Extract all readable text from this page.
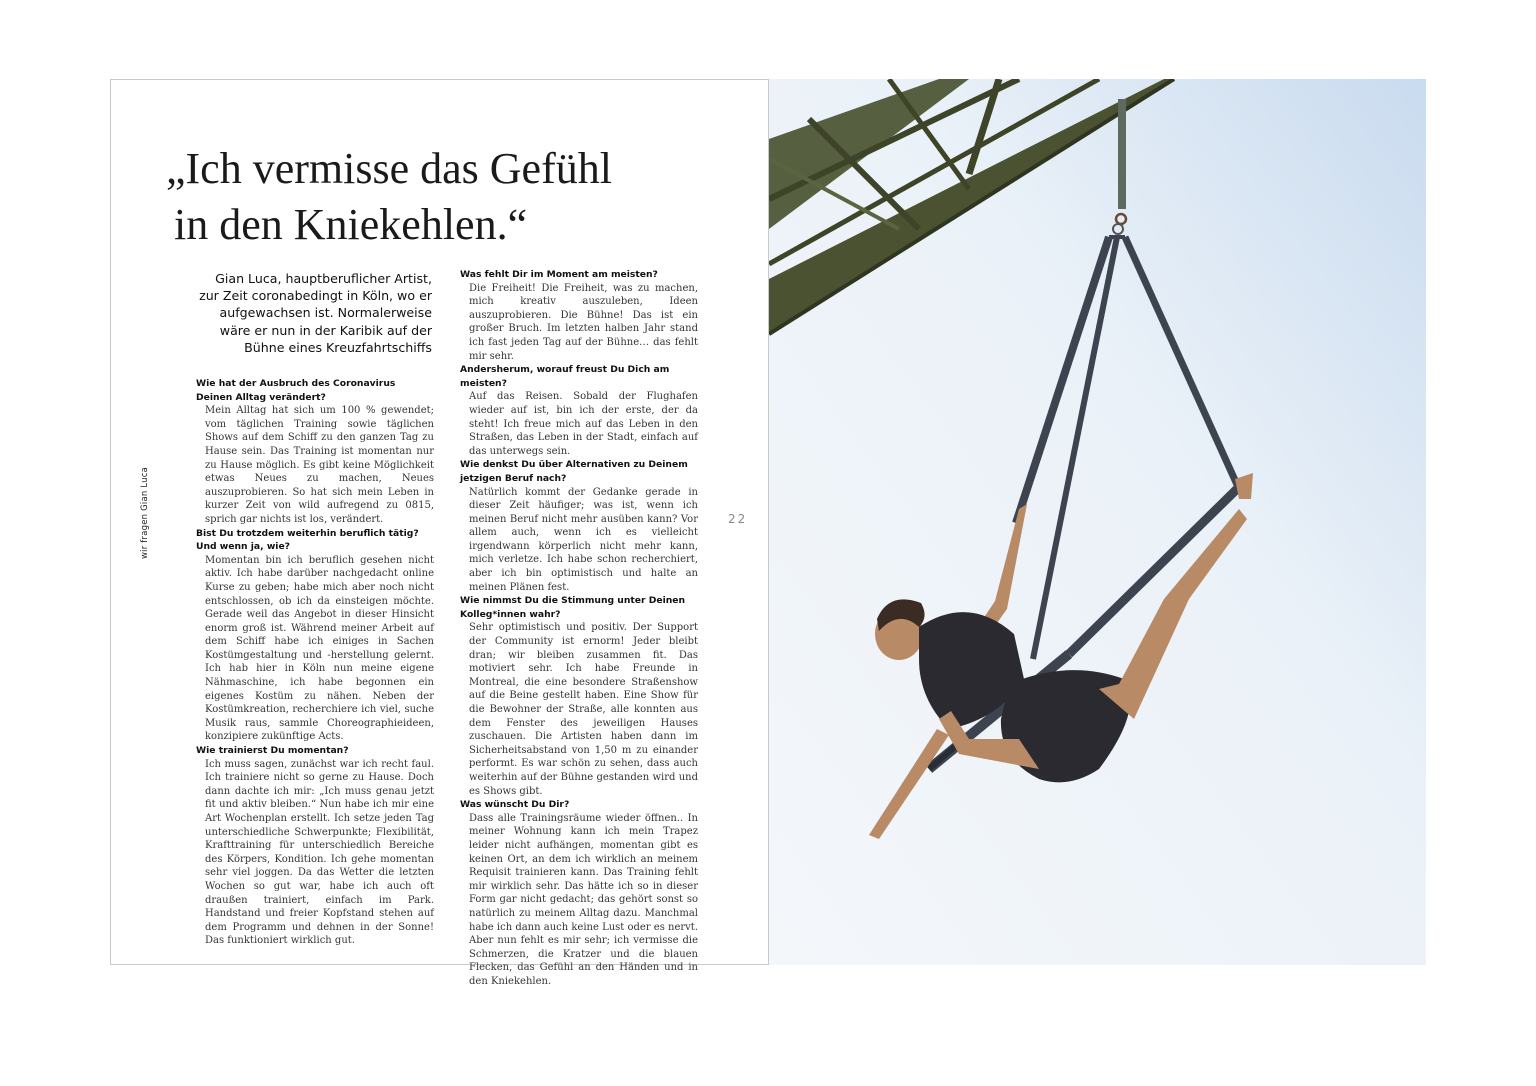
„Ich vermisse das Gefühl
in den Kniekehlen.“

Gian Luca, hauptberuflicher Artist, zur Zeit coronabedingt in Köln, wo er aufgewachsen ist. Normalerweise wäre er nun in der Karibik auf der Bühne eines Kreuzfahrtschiffs

wir fragen Gian Luca

Wie hat der Ausbruch des Coronavirus Deinen Alltag verändert?

Mein Alltag hat sich um 100 % gewendet; vom täglichen Training sowie täglichen Shows auf dem Schiff zu den ganzen Tag zu Hause sein. Das Training ist momentan nur zu Hause möglich. Es gibt keine Möglichkeit etwas Neues zu machen, Neues auszuprobieren. So hat sich mein Leben in kurzer Zeit von wild aufregend zu 0815, sprich gar nichts ist los, verändert.

Bist Du trotzdem weiterhin beruflich tätig? Und wenn ja, wie?

Momentan bin ich beruflich gesehen nicht aktiv. Ich habe darüber nachgedacht online Kurse zu geben; habe mich aber noch nicht entschlossen, ob ich da einsteigen möchte. Gerade weil das Angebot in dieser Hinsicht enorm groß ist. Während meiner Arbeit auf dem Schiff habe ich einiges in Sachen Kostümgestaltung und -herstellung gelernt. Ich hab hier in Köln nun meine eigene Nähmaschine, ich habe begonnen ein eigenes Kostüm zu nähen. Neben der Kostümkreation, recherchiere ich viel, suche Musik raus, sammle Choreographieideen, konzipiere zukünftige Acts.

Wie trainierst Du momentan?

Ich muss sagen, zunächst war ich recht faul. Ich trainiere nicht so gerne zu Hause. Doch dann dachte ich mir: „Ich muss genau jetzt fit und aktiv bleiben.“ Nun habe ich mir eine Art Wochenplan erstellt. Ich setze jeden Tag unterschiedliche Schwerpunkte; Flexibilität, Krafttraining für unterschiedlich Bereiche des Körpers, Kondition. Ich gehe momentan sehr viel joggen. Da das Wetter die letzten Wochen so gut war, habe ich auch oft draußen trainiert, einfach im Park. Handstand und freier Kopfstand stehen auf dem Programm und dehnen in der Sonne! Das funktioniert wirklich gut.

Was fehlt Dir im Moment am meisten?

Die Freiheit! Die Freiheit, was zu machen, mich kreativ auszuleben, Ideen auszuprobieren. Die Bühne! Das ist ein großer Bruch. Im letzten halben Jahr stand ich fast jeden Tag auf der Bühne… das fehlt mir sehr.

Andersherum, worauf freust Du Dich am meisten?

Auf das Reisen. Sobald der Flughafen wieder auf ist, bin ich der erste, der da steht! Ich freue mich auf das Leben in den Straßen, das Leben in der Stadt, einfach auf das unterwegs sein.

Wie denkst Du über Alternativen zu Deinem jetzigen Beruf nach?

Natürlich kommt der Gedanke gerade in dieser Zeit häufiger; was ist, wenn ich meinen Beruf nicht mehr ausüben kann? Vor allem auch, wenn ich es vielleicht irgendwann körperlich nicht mehr kann, mich verletze. Ich habe schon recherchiert, aber ich bin optimistisch und halte an meinen Plänen fest.

Wie nimmst Du die Stimmung unter Deinen Kolleg*innen wahr?

Sehr optimistisch und positiv. Der Support der Community ist ernorm! Jeder bleibt dran; wir bleiben zusammen fit. Das motiviert sehr. Ich habe Freunde in Montreal, die eine besondere Straßenshow auf die Beine gestellt haben. Eine Show für die Bewohner der Straße, alle konnten aus dem Fenster des jeweiligen Hauses zuschauen. Die Artisten haben dann im Sicherheitsabstand von 1,50 m zu einander performt. Es war schön zu sehen, dass auch weiterhin auf der Bühne gestanden wird und es Shows gibt.

Was wünscht Du Dir?

Dass alle Trainingsräume wieder öffnen.. In meiner Wohnung kann ich mein Trapez leider nicht aufhängen, momentan gibt es keinen Ort, an dem ich wirklich an meinem Requisit trainieren kann. Das Training fehlt mir wirklich sehr. Das hätte ich so in dieser Form gar nicht gedacht; das gehört sonst so natürlich zu meinem Alltag dazu. Manchmal habe ich dann auch keine Lust oder es nervt. Aber nun fehlt es mir sehr; ich vermisse die Schmerzen, die Kratzer und die blauen Flecken, das Gefühl an den Händen und in den Kniekehlen.

22
